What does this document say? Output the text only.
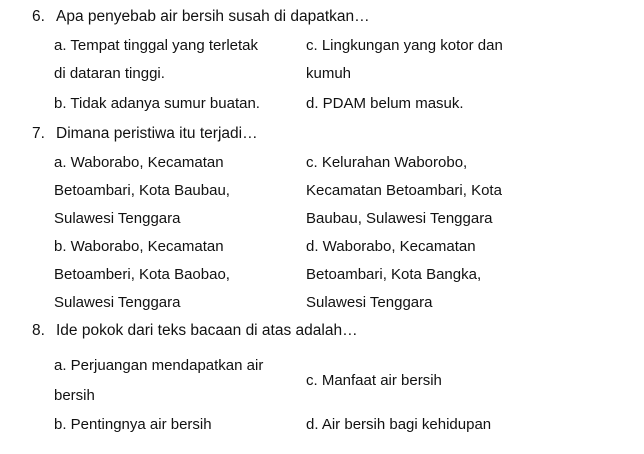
6. Apa penyebab air bersih susah di dapatkan…
a. Tempat tinggal yang terletak
di dataran tinggi.
c. Lingkungan yang kotor dan
kumuh
b. Tidak adanya sumur buatan.	d. PDAM belum masuk.
7. Dimana peristiwa itu terjadi…
a. Waborabo, Kecamatan
Betoambari, Kota Baubau,
Sulawesi Tenggara
c. Kelurahan Waborobo,
Kecamatan Betoambari, Kota
Baubau, Sulawesi Tenggara
b. Waborabo, Kecamatan
Betoamberi, Kota Baobao,
Sulawesi Tenggara
d. Waborabo, Kecamatan
Betoambari, Kota Bangka,
Sulawesi Tenggara
8. Ide pokok dari teks bacaan di atas adalah…
a. Perjuangan mendapatkan air
bersih
c. Manfaat air bersih
b. Pentingnya air bersih	d. Air bersih bagi kehidupan
